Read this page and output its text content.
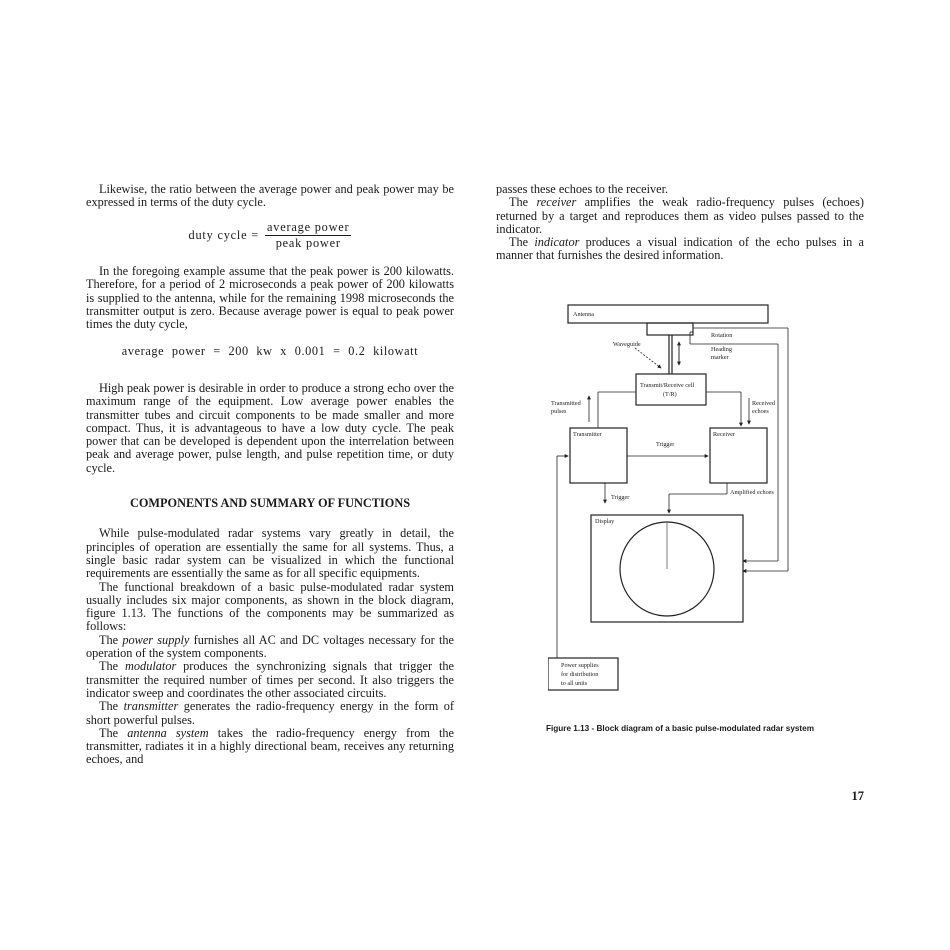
Likewise, the ratio between the average power and peak power may be expressed in terms of the duty cycle.

duty cycle = $\frac{\text{average power}}{\text{peak power}}$

In the foregoing example assume that the peak power is 200 kilowatts. Therefore, for a period of 2 microseconds a peak power of 200 kilowatts is supplied to the antenna, while for the remaining 1998 microseconds the transmitter output is zero. Because average power is equal to peak power times the duty cycle,

average power = 200 kw x 0.001 = 0.2 kilowatt

High peak power is desirable in order to produce a strong echo over the maximum range of the equipment. Low average power enables the transmitter tubes and circuit components to be made smaller and more compact. Thus, it is advantageous to have a low duty cycle. The peak power that can be developed is dependent upon the interrelation between peak and average power, pulse length, and pulse repetition time, or duty cycle.

COMPONENTS AND SUMMARY OF FUNCTIONS

While pulse-modulated radar systems vary greatly in detail, the principles of operation are essentially the same for all systems. Thus, a single basic radar system can be visualized in which the functional requirements are essentially the same as for all specific equipments.

The functional breakdown of a basic pulse-modulated radar system usually includes six major components, as shown in the block diagram, figure 1.13. The functions of the components may be summarized as follows:

The power supply furnishes all AC and DC voltages necessary for the operation of the system components.

The modulator produces the synchronizing signals that trigger the transmitter the required number of times per second. It also triggers the indicator sweep and coordinates the other associated circuits.

The transmitter generates the radio-frequency energy in the form of short powerful pulses.

The antenna system takes the radio-frequency energy from the transmitter, radiates it in a highly directional beam, receives any returning echoes, and

passes these echoes to the receiver.

The receiver amplifies the weak radio-frequency pulses (echoes) returned by a target and reproduces them as video pulses passed to the indicator.

The indicator produces a visual indication of the echo pulses in a manner that furnishes the desired information.

Antenna
Rotation
Heading
marker
Waveguide
Transmit/Receive cell
(T/R)
Transmitted
pulses
Received
echoes
Transmitter	Receiver
Trigger
Trigger
Amplified echoes
Display
Power supplies
for distribution
to all units
Figure 1.13 - Block diagram of a basic pulse-modulated radar system
17
